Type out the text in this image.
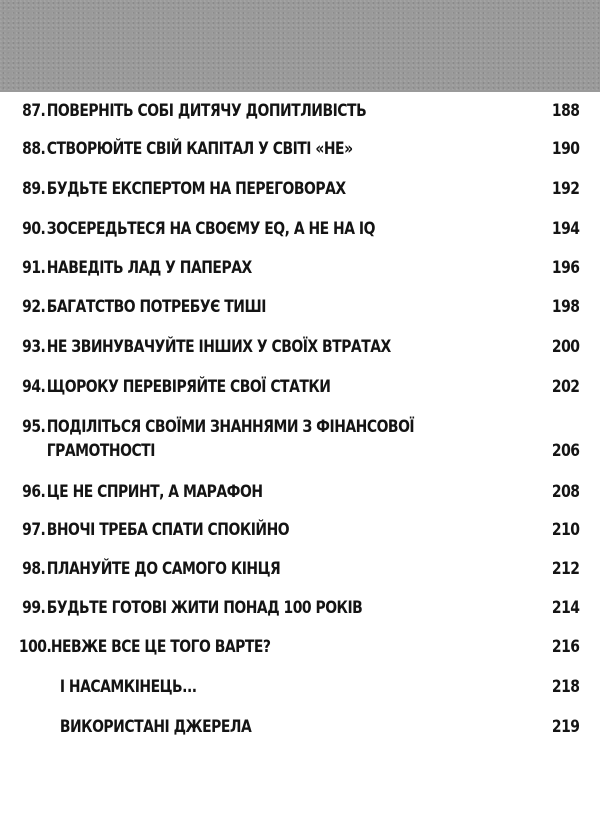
87. ПОВЕРНІТЬ СОБІ ДИТЯЧУ ДОПИТЛИВІСТЬ	188
88. СТВОРЮЙТЕ СВІЙ КАПІТАЛ У СВІТІ «НЕ»	190
89. БУДЬТЕ ЕКСПЕРТОМ НА ПЕРЕГОВОРАХ	192
90. ЗОСЕРЕДЬТЕСЯ НА СВОЄМУ EQ, А НЕ НА IQ	194
91. НАВЕДІТЬ ЛАД У ПАПЕРАХ	196
92. БАГАТСТВО ПОТРЕБУЄ ТИШІ	198
93. НЕ ЗВИНУВАЧУЙТЕ ІНШИХ У СВОЇХ ВТРАТАХ	200
94. ЩОРОКУ ПЕРЕВІРЯЙТЕ СВОЇ СТАТКИ	202
95. ПОДІЛІТЬСЯ СВОЇМИ ЗНАННЯМИ З ФІНАНСОВОЇ
ГРАМОТНОСТІ	206
96. ЦЕ НЕ СПРИНТ, А МАРАФОН	208
97. ВНОЧІ ТРЕБА СПАТИ СПОКІЙНО	210
98. ПЛАНУЙТЕ ДО САМОГО КІНЦЯ	212
99. БУДЬТЕ ГОТОВІ ЖИТИ ПОНАД 100 РОКІВ	214
100. НЕВЖЕ ВСЕ ЦЕ ТОГО ВАРТЕ?	216
І НАСАМКІНЕЦЬ...	218
ВИКОРИСТАНІ ДЖЕРЕЛА	219
